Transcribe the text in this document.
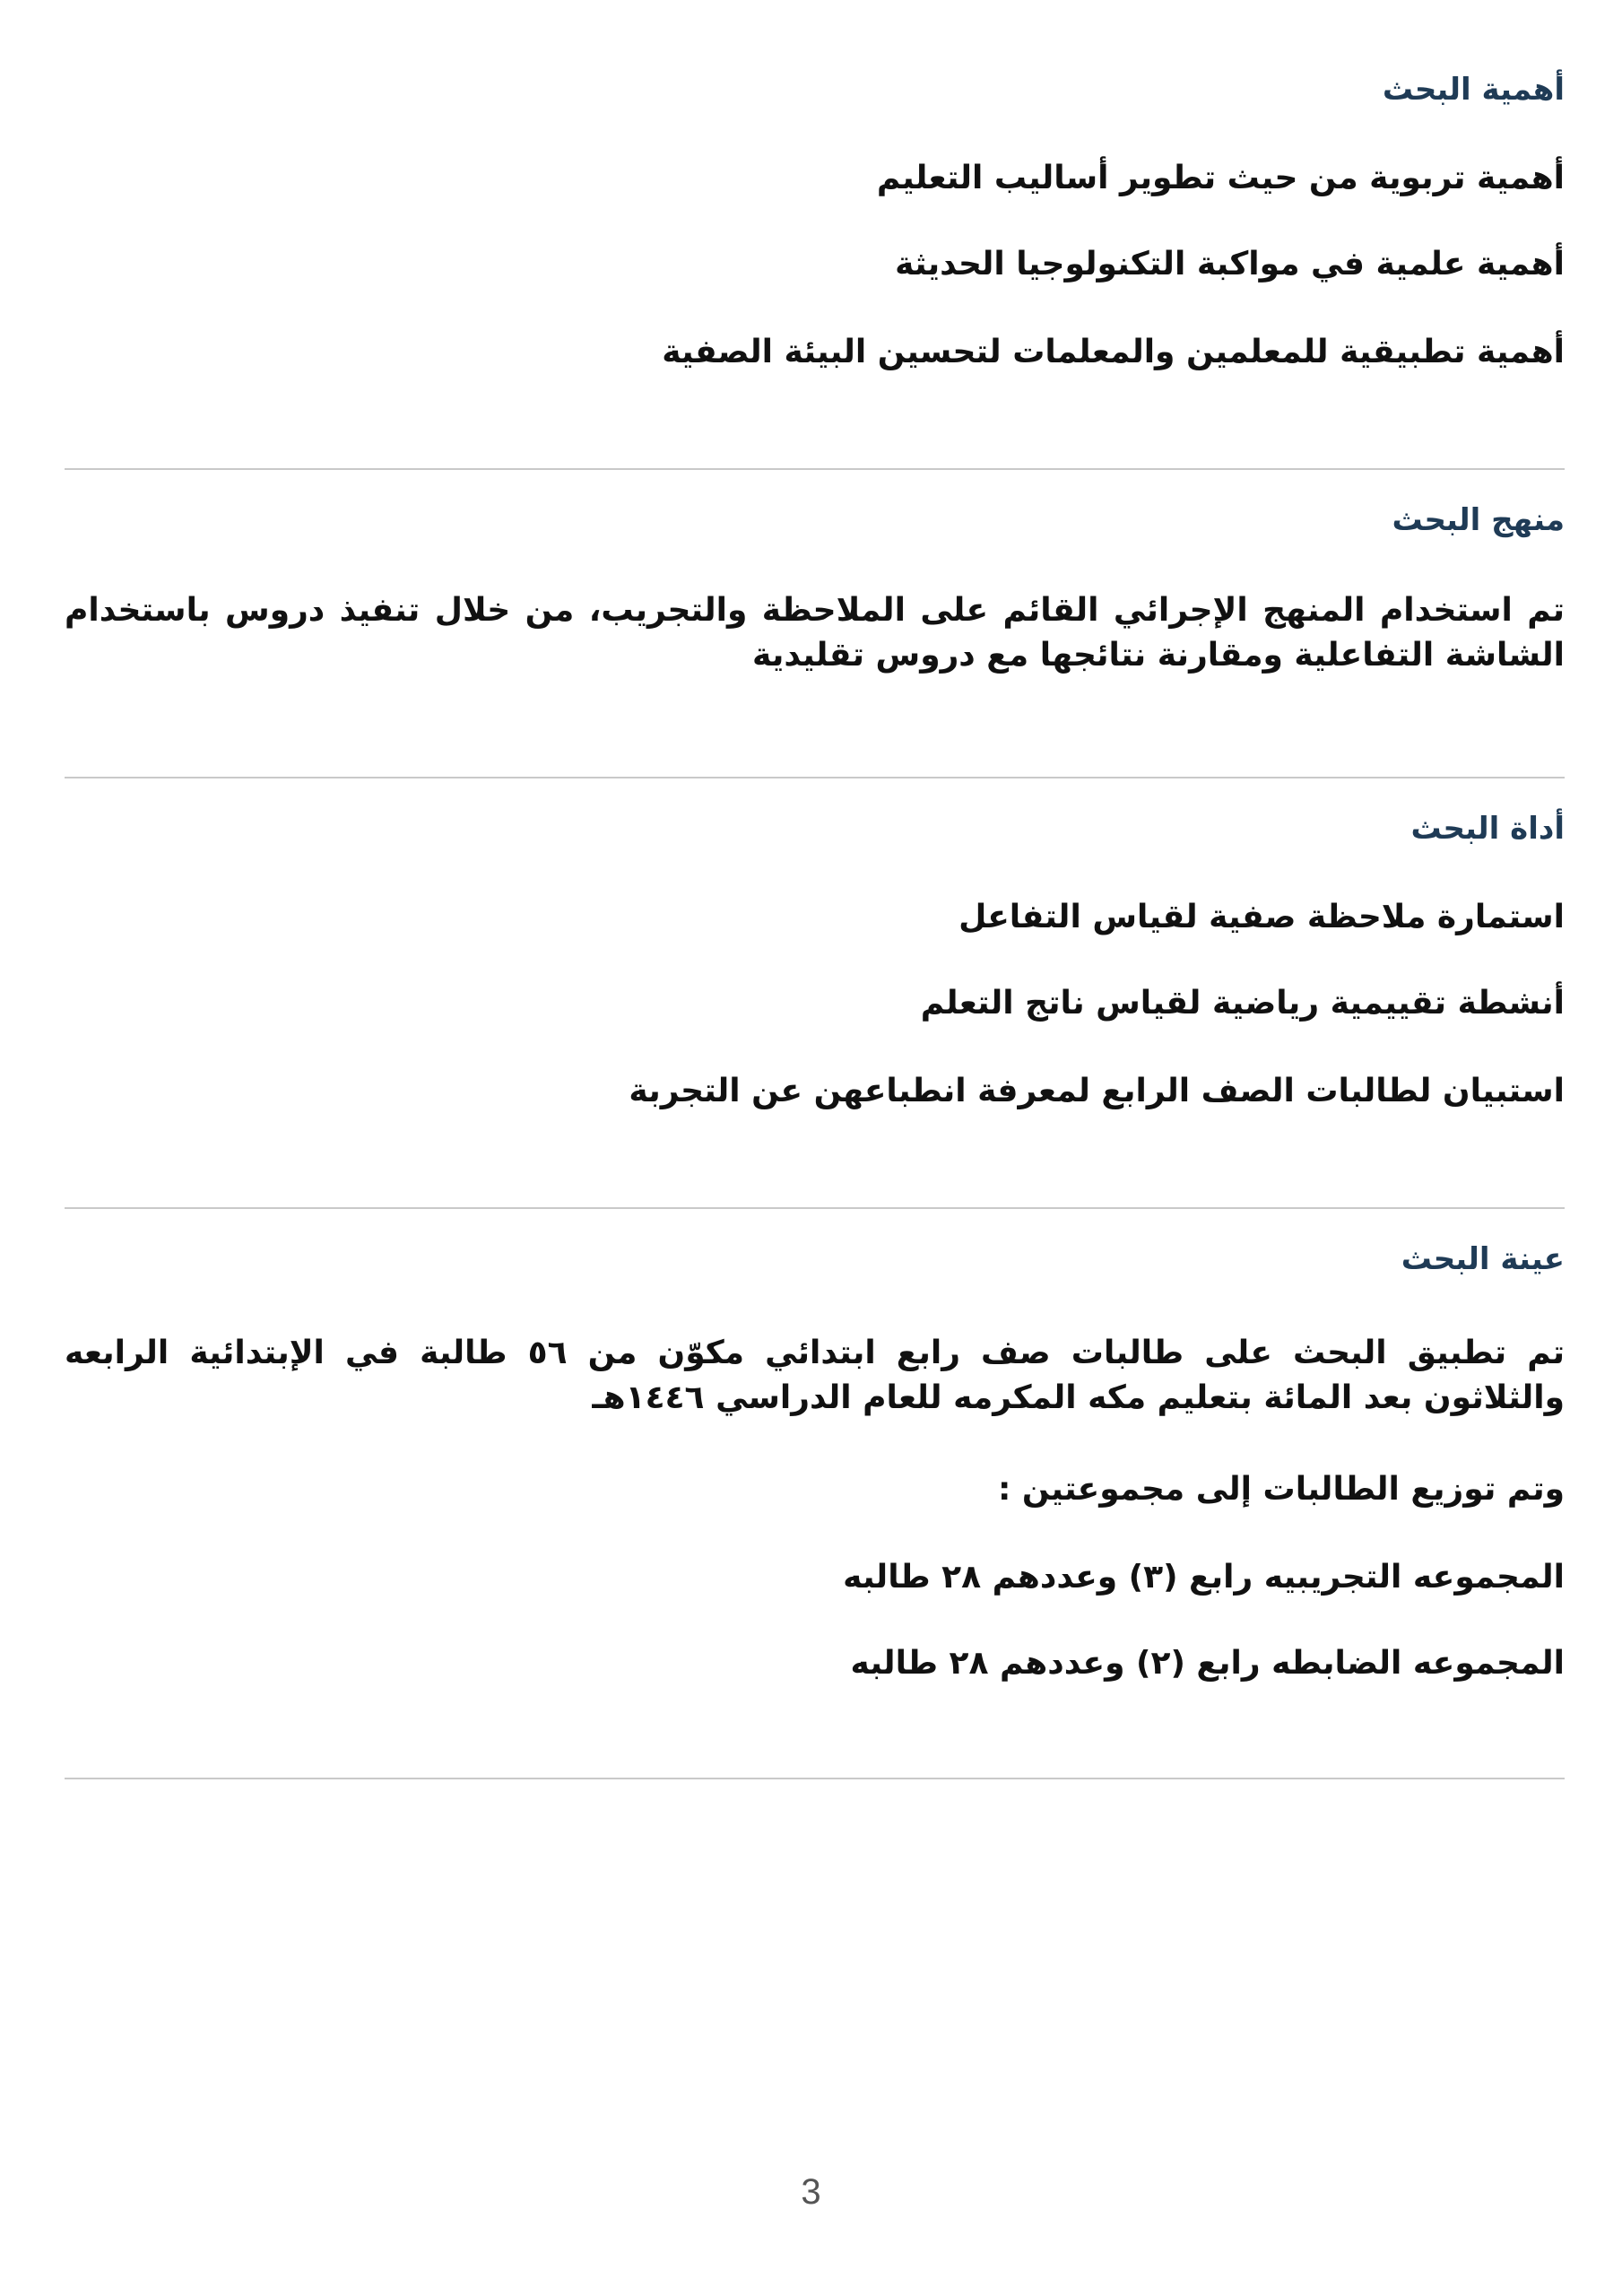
أهمية البحث

أهمية تربوية من حيث تطوير أساليب التعليم

أهمية علمية في مواكبة التكنولوجيا الحديثة

أهمية تطبيقية للمعلمين والمعلمات لتحسين البيئة الصفية

منهج البحث

تم استخدام المنهج الإجرائي القائم على الملاحظة والتجريب، من خلال تنفيذ دروس باستخدام الشاشة التفاعلية ومقارنة نتائجها مع دروس تقليدية

أداة البحث

استمارة ملاحظة صفية لقياس التفاعل

أنشطة تقييمية رياضية لقياس ناتج التعلم

استبيان لطالبات الصف الرابع لمعرفة انطباعهن عن التجربة

عينة البحث

تم تطبيق البحث على طالبات صف رابع ابتدائي مكوّن من ٥٦ طالبة في الإبتدائية الرابعه والثلاثون بعد المائة بتعليم مكه المكرمه للعام الدراسي ١٤٤٦هـ

وتم توزيع الطالبات إلى مجموعتين :

المجموعه التجريبيه رابع (٣) وعددهم ٢٨ طالبه

المجموعه الضابطه رابع (٢) وعددهم ٢٨ طالبه

3
